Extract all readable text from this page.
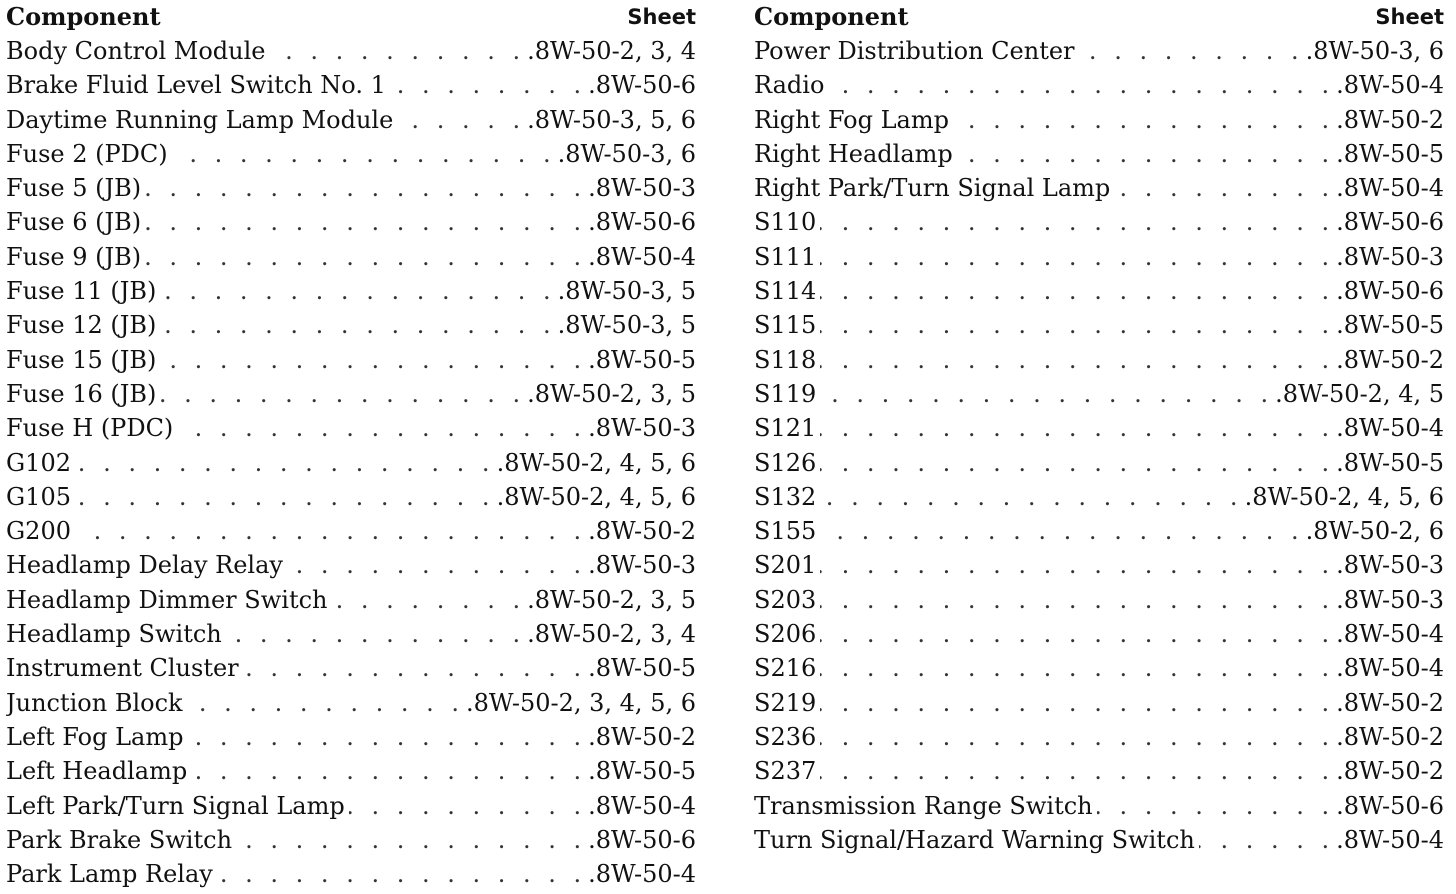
Component	Sheet
Body Control Module . . .	.8W-50-2, 3, 4
Brake Fluid Level Switch No. 1 . . .	.8W-50-6
Daytime Running Lamp Module . . .	.8W-50-3, 5, 6
Fuse 2 (PDC) . . .	.8W-50-3, 6
Fuse 5 (JB) . . .	.8W-50-3
Fuse 6 (JB) . . .	.8W-50-6
Fuse 9 (JB) . . .	.8W-50-4
Fuse 11 (JB) . . .	.8W-50-3, 5
Fuse 12 (JB) . . .	.8W-50-3, 5
Fuse 15 (JB) . . .	.8W-50-5
Fuse 16 (JB) . . .	.8W-50-2, 3, 5
Fuse H (PDC) . . .	.8W-50-3
G102 . . .	.8W-50-2, 4, 5, 6
G105 . . .	.8W-50-2, 4, 5, 6
G200 . . .	.8W-50-2
Headlamp Delay Relay . . .	.8W-50-3
Headlamp Dimmer Switch . . .	.8W-50-2, 3, 5
Headlamp Switch . . .	.8W-50-2, 3, 4
Instrument Cluster . . .	.8W-50-5
Junction Block . . .	.8W-50-2, 3, 4, 5, 6
Left Fog Lamp . . .	.8W-50-2
Left Headlamp . . .	.8W-50-5
Left Park/Turn Signal Lamp . . .	.8W-50-4
Park Brake Switch . . .	.8W-50-6
Park Lamp Relay . . .	.8W-50-4
Component	Sheet
Power Distribution Center . . .	.8W-50-3, 6
Radio . . .	.8W-50-4
Right Fog Lamp . . .	.8W-50-2
Right Headlamp . . .	.8W-50-5
Right Park/Turn Signal Lamp . . .	.8W-50-4
S110 . . .	.8W-50-6
S111 . . .	.8W-50-3
S114 . . .	.8W-50-6
S115 . . .	.8W-50-5
S118 . . .	.8W-50-2
S119 . . .	.8W-50-2, 4, 5
S121 . . .	.8W-50-4
S126 . . .	.8W-50-5
S132 . . .	.8W-50-2, 4, 5, 6
S155 . . .	.8W-50-2, 6
S201 . . .	.8W-50-3
S203 . . .	.8W-50-3
S206 . . .	.8W-50-4
S216 . . .	.8W-50-4
S219 . . .	.8W-50-2
S236 . . .	.8W-50-2
S237 . . .	.8W-50-2
Transmission Range Switch . . .	.8W-50-6
Turn Signal/Hazard Warning Switch . . .	.8W-50-4
